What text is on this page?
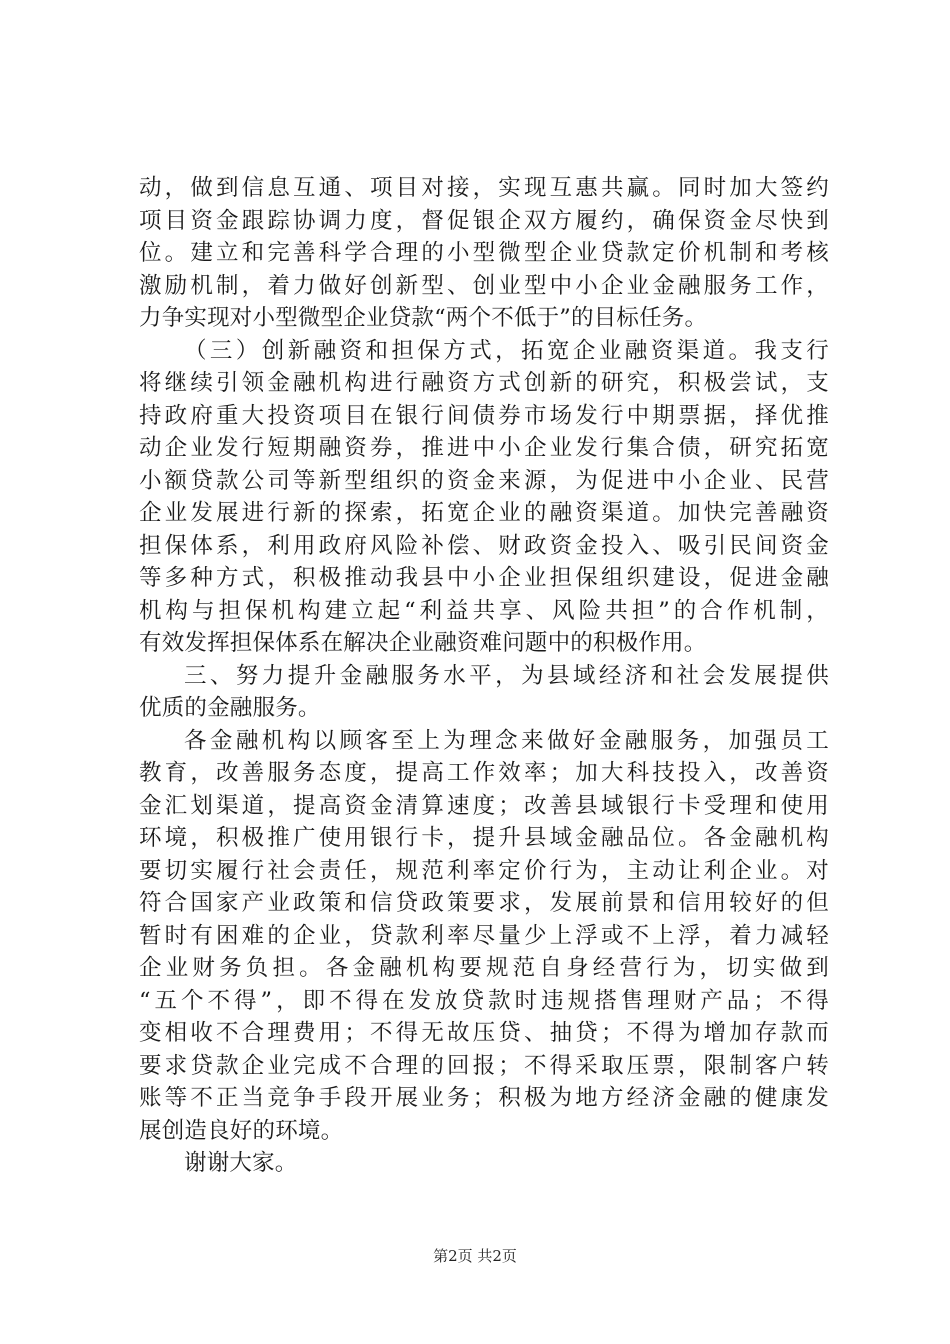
动，做到信息互通、项目对接，实现互惠共赢。同时加大签约
项目资金跟踪协调力度，督促银企双方履约，确保资金尽快到
位。建立和完善科学合理的小型微型企业贷款定价机制和考核
激励机制，着力做好创新型、创业型中小企业金融服务工作，
力争实现对小型微型企业贷款“两个不低于”的目标任务。
（三）创新融资和担保方式，拓宽企业融资渠道。我支行
将继续引领金融机构进行融资方式创新的研究，积极尝试，支
持政府重大投资项目在银行间债券市场发行中期票据，择优推
动企业发行短期融资券，推进中小企业发行集合债，研究拓宽
小额贷款公司等新型组织的资金来源，为促进中小企业、民营
企业发展进行新的探索，拓宽企业的融资渠道。加快完善融资
担保体系，利用政府风险补偿、财政资金投入、吸引民间资金
等多种方式，积极推动我县中小企业担保组织建设，促进金融
机构与担保机构建立起“利益共享、风险共担”的合作机制，
有效发挥担保体系在解决企业融资难问题中的积极作用。
三、努力提升金融服务水平，为县域经济和社会发展提供
优质的金融服务。
各金融机构以顾客至上为理念来做好金融服务，加强员工
教育，改善服务态度，提高工作效率；加大科技投入，改善资
金汇划渠道，提高资金清算速度；改善县域银行卡受理和使用
环境，积极推广使用银行卡，提升县域金融品位。各金融机构
要切实履行社会责任，规范利率定价行为，主动让利企业。对
符合国家产业政策和信贷政策要求，发展前景和信用较好的但
暂时有困难的企业，贷款利率尽量少上浮或不上浮，着力减轻
企业财务负担。各金融机构要规范自身经营行为，切实做到
“五个不得”，即不得在发放贷款时违规搭售理财产品；不得
变相收不合理费用；不得无故压贷、抽贷；不得为增加存款而
要求贷款企业完成不合理的回报；不得采取压票，限制客户转
账等不正当竞争手段开展业务；积极为地方经济金融的健康发
展创造良好的环境。
谢谢大家。
第2页 共2页
